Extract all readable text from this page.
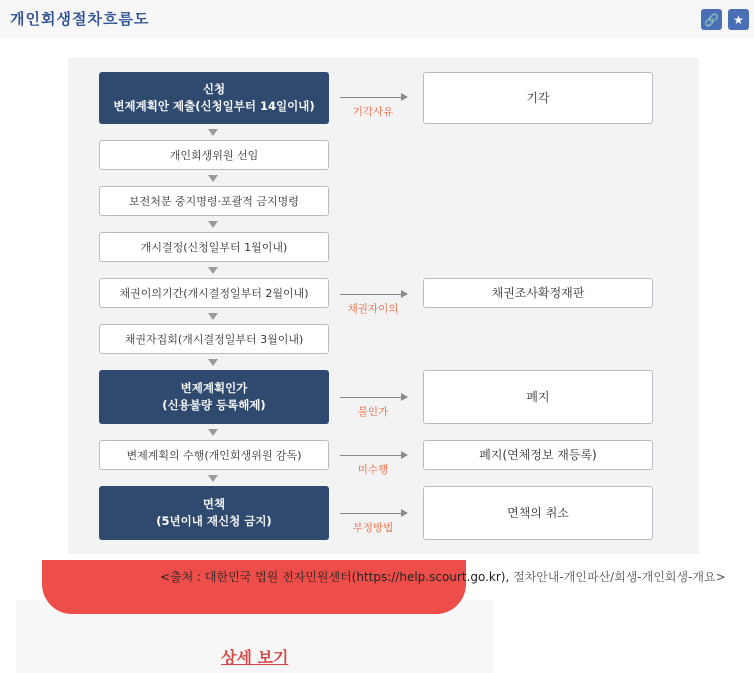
개인회생절차흐름도	🔗 ★
신청
변제계획안 제출(신청일부터 14일이내)
개인회생위원 선임
보전처분 중지명령·포괄적 금지명령
개시결정(신청일부터 1월이내)
채권이의기간(개시결정일부터 2월이내)
채권자집회(개시결정일부터 3월이내)
변제계획인가
(신용불량 등록해제)
변제계획의 수행(개인회생위원 감독)
면책
(5년이내 재신청 금지)
기각사유
기각
채권자이의
채권조사확정재판
불인가
폐지
미수행
폐지(연체정보 재등록)
부정방법
면책의 취소
<출처 : 대한민국 법원 전자민원센터(https://help.scourt.go.kr), 절차안내-개인파산/회생-개인회생-개요>
상세 보기
